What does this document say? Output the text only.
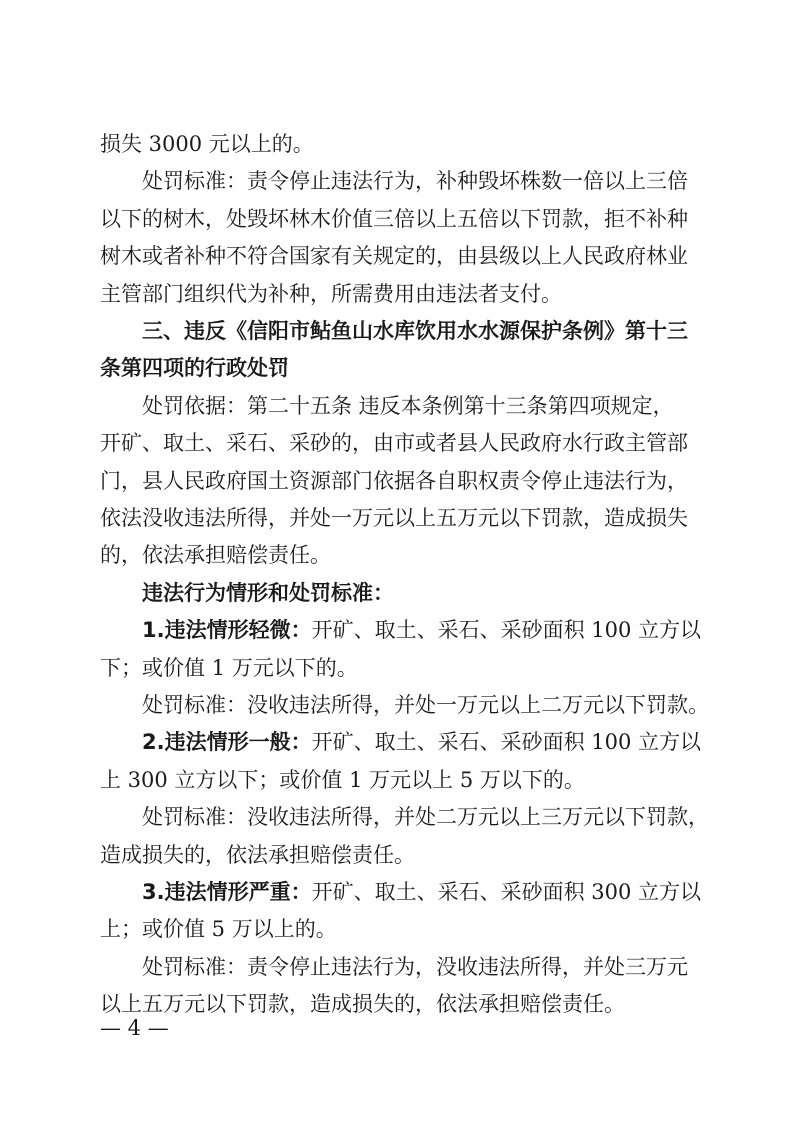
损失 3000 元以上的。
处罚标准：责令停止违法行为，补种毁坏株数一倍以上三倍
以下的树木，处毁坏林木价值三倍以上五倍以下罚款，拒不补种
树木或者补种不符合国家有关规定的，由县级以上人民政府林业
主管部门组织代为补种，所需费用由违法者支付。
三、违反《信阳市鲇鱼山水库饮用水水源保护条例》第十三
条第四项的行政处罚
处罚依据：第二十五条 违反本条例第十三条第四项规定，
开矿、取土、采石、采砂的，由市或者县人民政府水行政主管部
门，县人民政府国土资源部门依据各自职权责令停止违法行为，
依法没收违法所得，并处一万元以上五万元以下罚款，造成损失
的，依法承担赔偿责任。
违法行为情形和处罚标准：
1.违法情形轻微：开矿、取土、采石、采砂面积 100 立方以
下；或价值 1 万元以下的。
处罚标准：没收违法所得，并处一万元以上二万元以下罚款。
2.违法情形一般：开矿、取土、采石、采砂面积 100 立方以
上 300 立方以下；或价值 1 万元以上 5 万以下的。
处罚标准：没收违法所得，并处二万元以上三万元以下罚款，
造成损失的，依法承担赔偿责任。
3.违法情形严重：开矿、取土、采石、采砂面积 300 立方以
上；或价值 5 万以上的。
处罚标准：责令停止违法行为，没收违法所得，并处三万元
以上五万元以下罚款，造成损失的，依法承担赔偿责任。
— 4 —
